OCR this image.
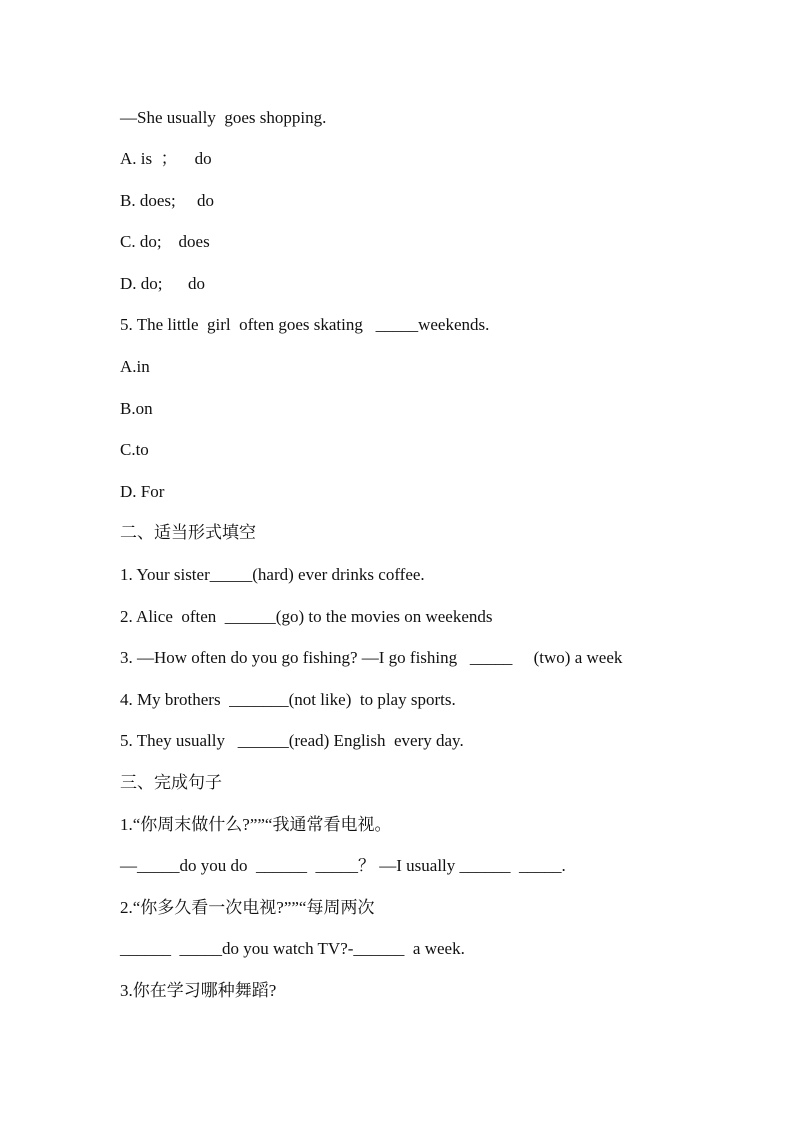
—She usually  goes shopping.
A. is  ；    do
B. does;     do
C. do;    does
D. do;      do
5. The little  girl  often goes skating   _____weekends.
A.in
B.on
C.to
D. For
二、适当形式填空
1. Your sister_____(hard) ever drinks coffee.
2. Alice  often  ______(go) to the movies on weekends
3. —How often do you go fishing? —I go fishing   _____     (two) a week
4. My brothers  _______(not like)  to play sports.
5. They usually   ______(read) English  every day.
三、完成句子
1.“你周末做什么?””“我通常看电视。
—_____do you do  ______  _____？ —I usually ______  _____.
2.“你多久看一次电视?””“每周两次
______  _____do you watch TV?-______  a week.
3.你在学习哪种舞蹈?
